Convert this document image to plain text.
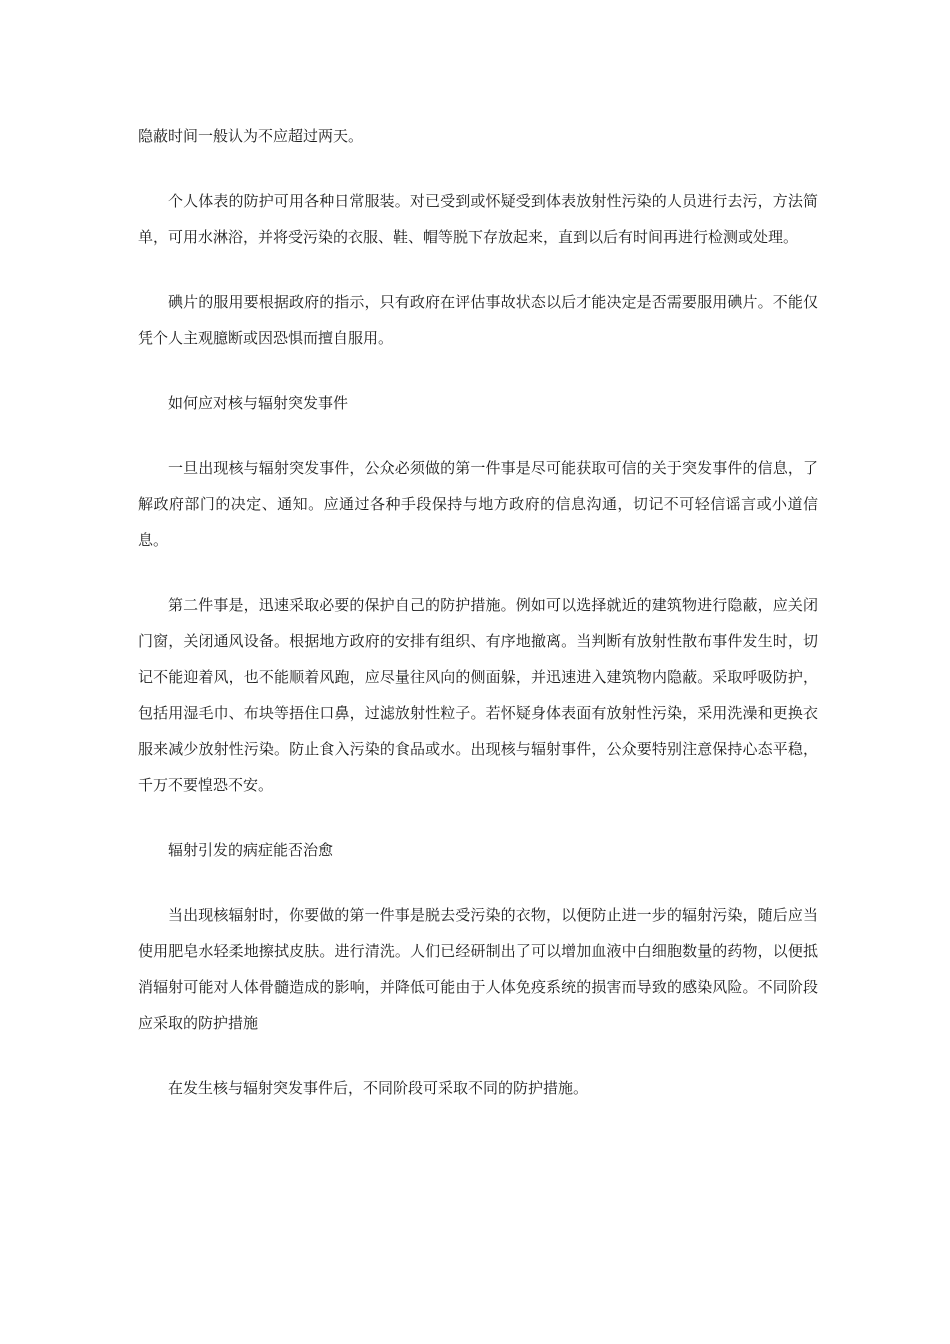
隐蔽时间一般认为不应超过两天。

个人体表的防护可用各种日常服装。对已受到或怀疑受到体表放射性污染的人员进行去污，方法简单，可用水淋浴，并将受污染的衣服、鞋、帽等脱下存放起来，直到以后有时间再进行检测或处理。

碘片的服用要根据政府的指示，只有政府在评估事故状态以后才能决定是否需要服用碘片。不能仅凭个人主观臆断或因恐惧而擅自服用。

如何应对核与辐射突发事件

一旦出现核与辐射突发事件，公众必须做的第一件事是尽可能获取可信的关于突发事件的信息，了解政府部门的决定、通知。应通过各种手段保持与地方政府的信息沟通，切记不可轻信谣言或小道信息。

第二件事是，迅速采取必要的保护自己的防护措施。例如可以选择就近的建筑物进行隐蔽，应关闭门窗，关闭通风设备。根据地方政府的安排有组织、有序地撤离。当判断有放射性散布事件发生时，切记不能迎着风，也不能顺着风跑，应尽量往风向的侧面躲，并迅速进入建筑物内隐蔽。采取呼吸防护，包括用湿毛巾、布块等捂住口鼻，过滤放射性粒子。若怀疑身体表面有放射性污染，采用洗澡和更换衣服来减少放射性污染。防止食入污染的食品或水。出现核与辐射事件，公众要特别注意保持心态平稳，千万不要惶恐不安。

辐射引发的病症能否治愈

当出现核辐射时，你要做的第一件事是脱去受污染的衣物，以便防止进一步的辐射污染，随后应当使用肥皂水轻柔地擦拭皮肤。进行清洗。人们已经研制出了可以增加血液中白细胞数量的药物，以便抵消辐射可能对人体骨髓造成的影响，并降低可能由于人体免疫系统的损害而导致的感染风险。不同阶段应采取的防护措施

在发生核与辐射突发事件后，不同阶段可采取不同的防护措施。
